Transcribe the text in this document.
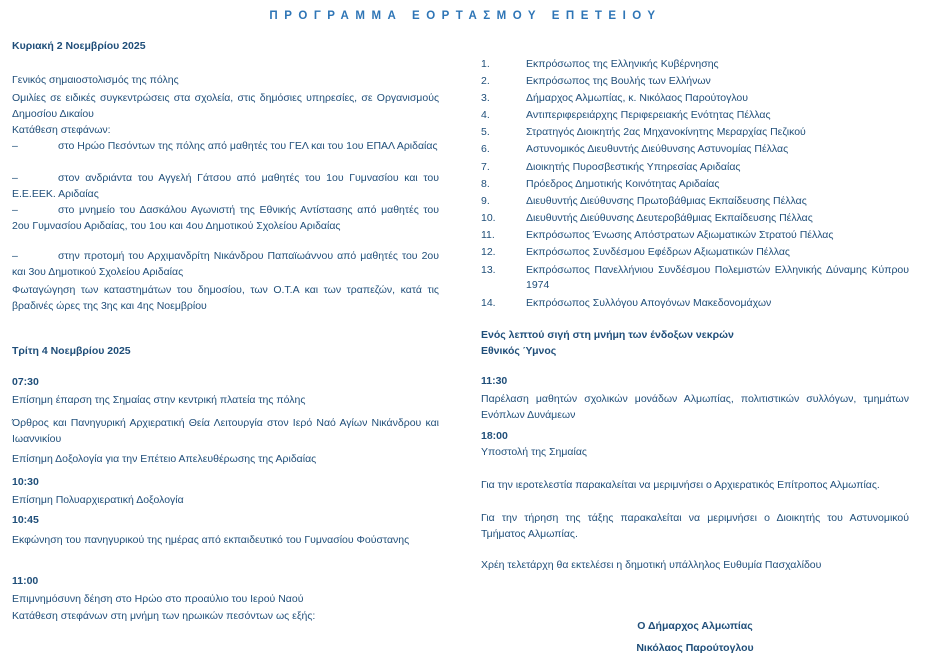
ΠΡΟΓΡΑΜΜΑ ΕΟΡΤΑΣΜΟΥ ΕΠΕΤΕΙΟΥ
Κυριακή 2 Νοεμβρίου 2025
Γενικός σημαιοστολισμός της πόλης
Ομιλίες σε ειδικές συγκεντρώσεις στα σχολεία, στις δημόσιες υπηρεσίες, σε Οργανισμούς Δημοσίου Δικαίου
Κατάθεση στεφάνων:
–	στο Ηρώο Πεσόντων της πόλης από μαθητές του ΓΕΛ και του 1ου ΕΠΑΛ Αριδαίας
–	στον ανδριάντα του Αγγελή Γάτσου από μαθητές του 1ου Γυμνασίου και του Ε.Ε.ΕΕΚ. Αριδαίας
–	στο μνημείο του Δασκάλου Αγωνιστή της Εθνικής Αντίστασης από μαθητές του 2ου Γυμνασίου Αριδαίας, του 1ου και 4ου Δημοτικού Σχολείου Αριδαίας
–	στην προτομή του Αρχιμανδρίτη Νικάνδρου Παπαϊωάννου από μαθητές του 2ου και 3ου Δημοτικού Σχολείου Αριδαίας
Φωταγώγηση των καταστημάτων του δημοσίου, των Ο.Τ.Α και των τραπεζών, κατά τις βραδινές ώρες της 3ης και 4ης Νοεμβρίου
Τρίτη 4 Νοεμβρίου 2025
07:30
Επίσημη έπαρση της Σημαίας στην κεντρική πλατεία της πόλης
Όρθρος και Πανηγυρική Αρχιερατική Θεία Λειτουργία στον Ιερό Ναό Αγίων Νικάνδρου και Ιωαννικίου
Επίσημη Δοξολογία για την Επέτειο Απελευθέρωσης της Αριδαίας
10:30
Επίσημη Πολυαρχιερατική Δοξολογία
10:45
Εκφώνηση του πανηγυρικού της ημέρας από εκπαιδευτικό του Γυμνασίου Φούστανης
11:00
Επιμνημόσυνη δέηση στο Ηρώο στο προαύλιο του Ιερού Ναού
Κατάθεση στεφάνων στη μνήμη των ηρωικών πεσόντων ως εξής:
1.	Εκπρόσωπος της Ελληνικής Κυβέρνησης
2.	Εκπρόσωπος της Βουλής των Ελλήνων
3.	Δήμαρχος Αλμωπίας, κ. Νικόλαος Παρούτογλου
4.	Αντιπεριφερειάρχης Περιφερειακής Ενότητας Πέλλας
5.	Στρατηγός Διοικητής 2ας Μηχανοκίνητης Μεραρχίας Πεζικού
6.	Αστυνομικός Διευθυντής Διεύθυνσης Αστυνομίας Πέλλας
7.	Διοικητής Πυροσβεστικής Υπηρεσίας Αριδαίας
8.	Πρόεδρος Δημοτικής Κοινότητας Αριδαίας
9.	Διευθυντής Διεύθυνσης Πρωτοβάθμιας Εκπαίδευσης Πέλλας
10.	Διευθυντής Διεύθυνσης Δευτεροβάθμιας Εκπαίδευσης Πέλλας
11.	Εκπρόσωπος Ένωσης Απόστρατων Αξιωματικών Στρατού Πέλλας
12.	Εκπρόσωπος Συνδέσμου Εφέδρων Αξιωματικών Πέλλας
13.	Εκπρόσωπος Πανελλήνιου Συνδέσμου Πολεμιστών Ελληνικής Δύναμης Κύπρου 1974
14.	Εκπρόσωπος Συλλόγου Απογόνων Μακεδονομάχων
Ενός λεπτού σιγή στη μνήμη των ένδοξων νεκρών
Εθνικός Ύμνος
11:30
Παρέλαση μαθητών σχολικών μονάδων Αλμωπίας, πολιτιστικών συλλόγων, τμημάτων Ενόπλων Δυνάμεων
18:00
Υποστολή της Σημαίας
Για την ιεροτελεστία παρακαλείται να μεριμνήσει ο Αρχιερατικός Επίτροπος Αλμωπίας.
Για την τήρηση της τάξης παρακαλείται να μεριμνήσει ο Διοικητής του Αστυνομικού Τμήματος Αλμωπίας.
Χρέη τελετάρχη θα εκτελέσει η δημοτική υπάλληλος Ευθυμία Πασχαλίδου
Ο Δήμαρχος Αλμωπίας
Νικόλαος Παρούτογλου
